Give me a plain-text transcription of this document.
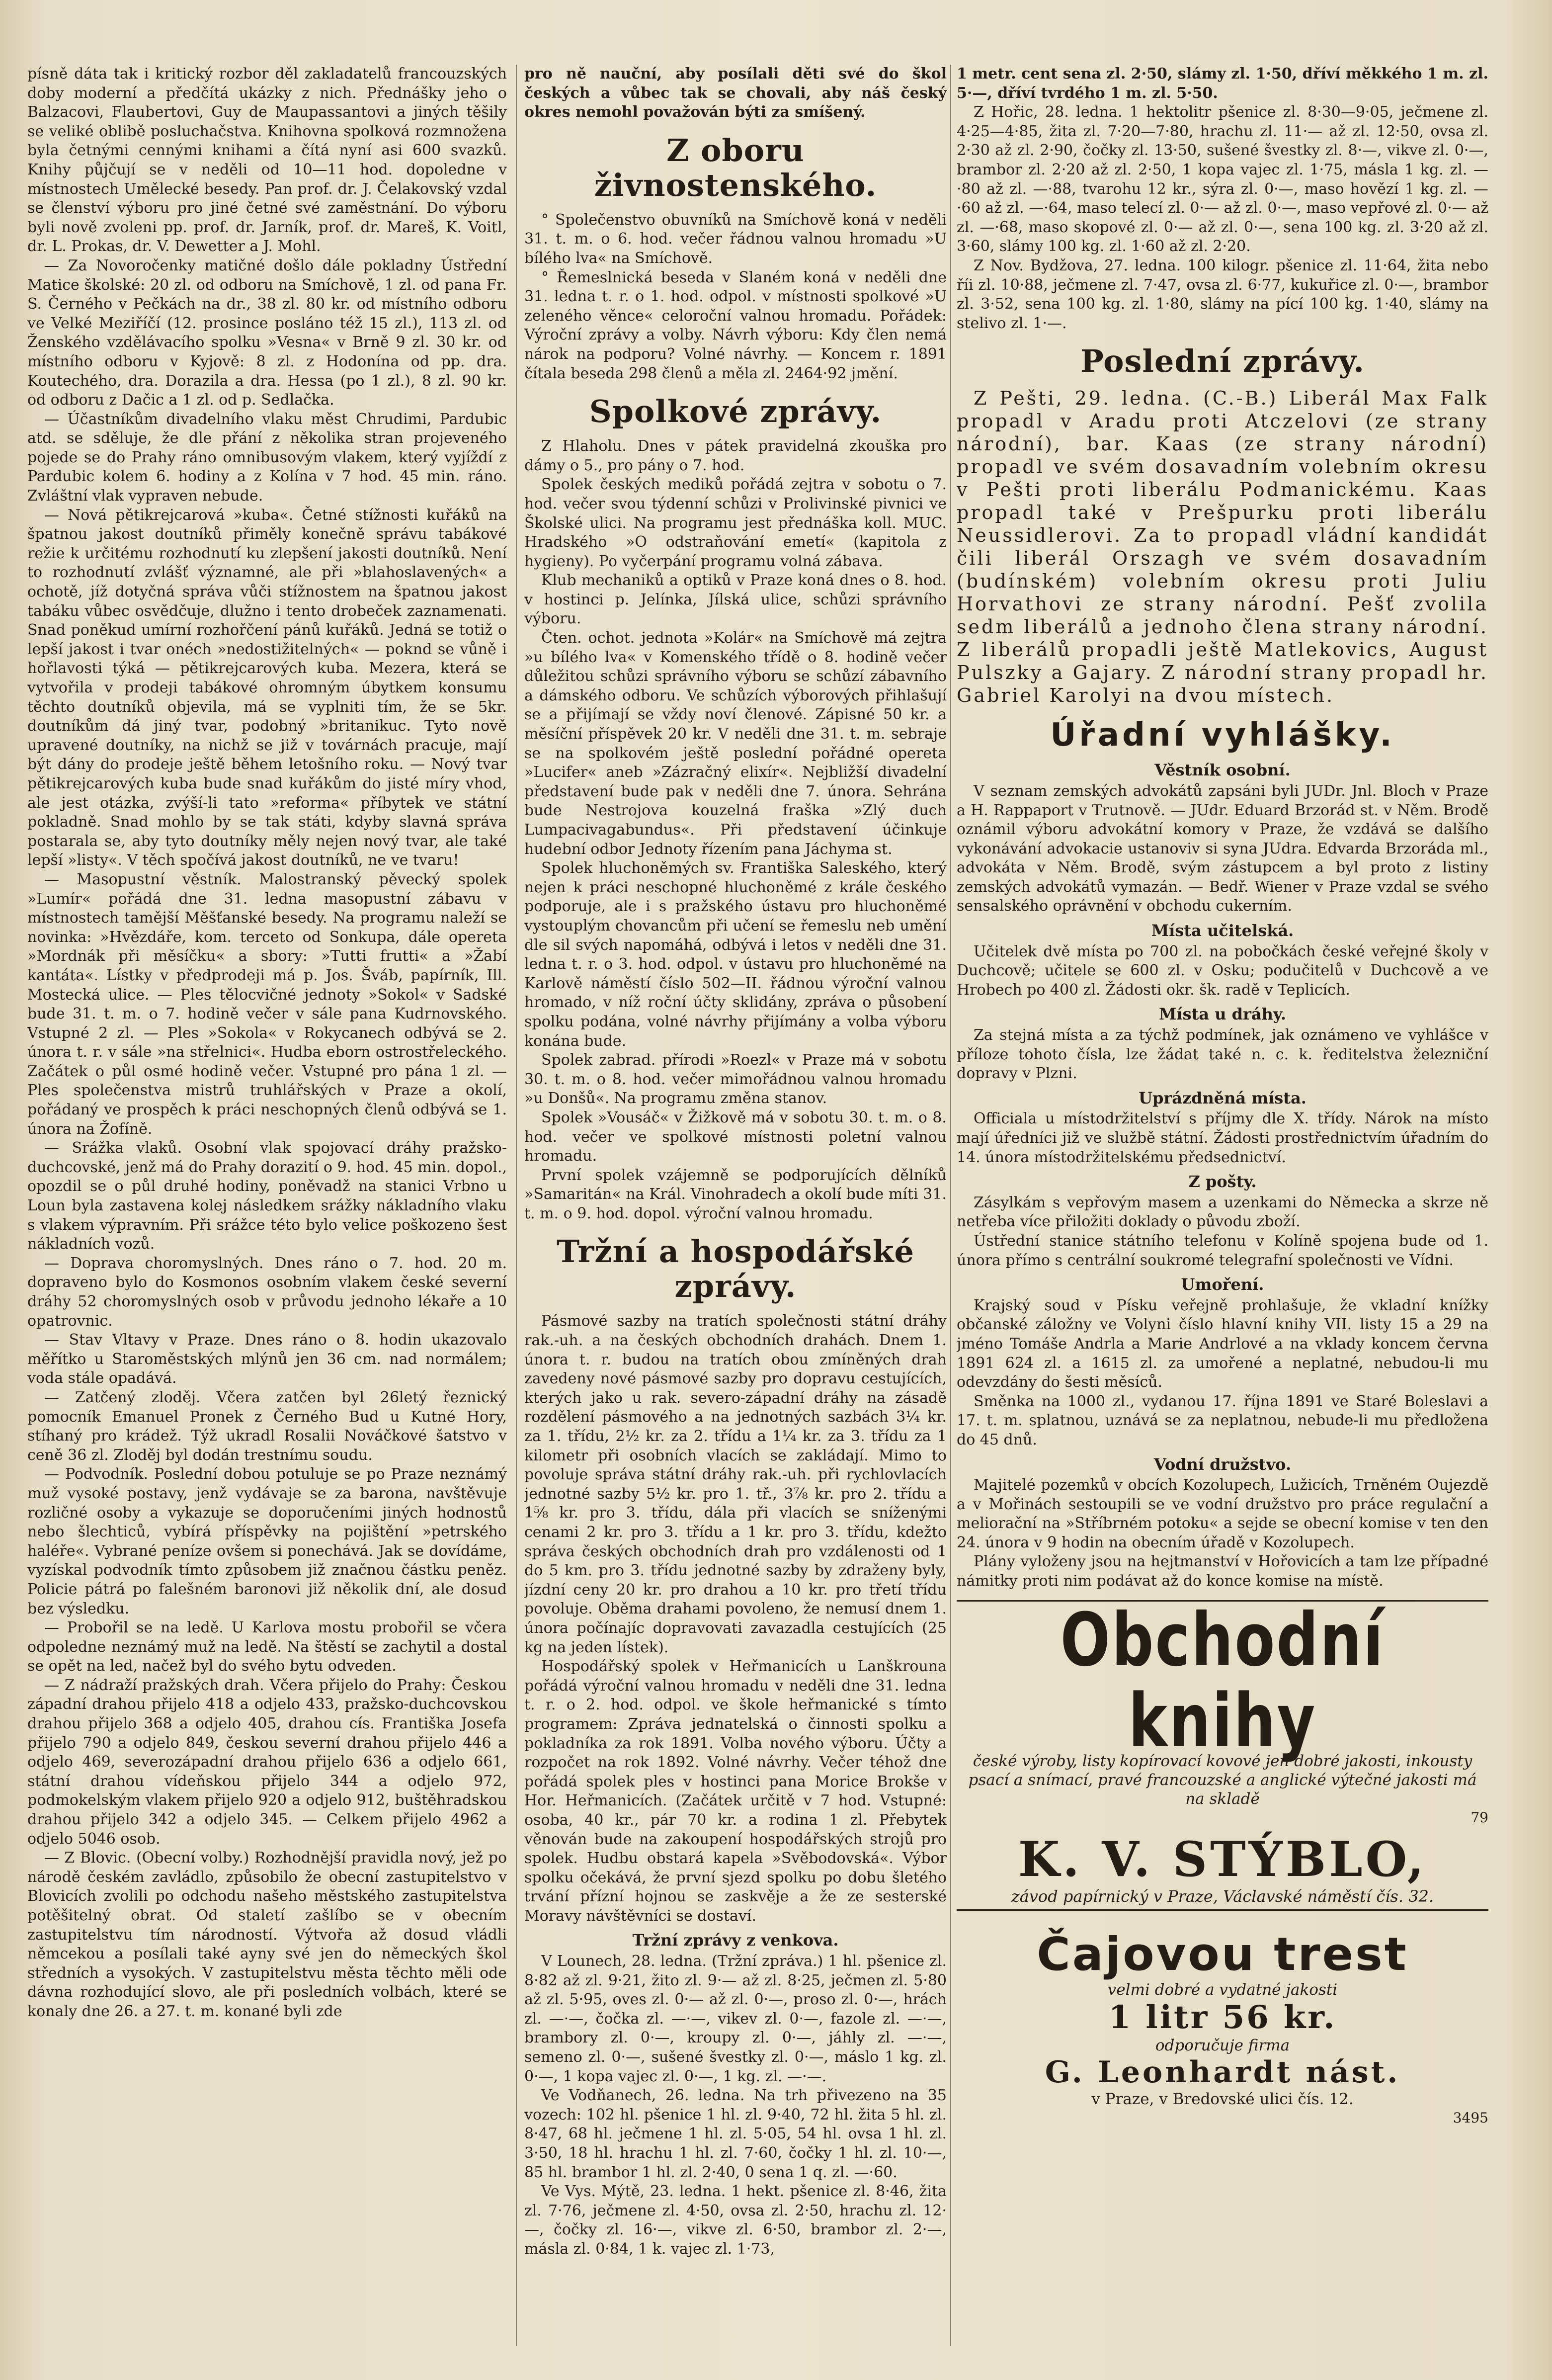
písně dáta tak i kritický rozbor děl zakladatelů francouzských doby moderní a předčítá ukázky z nich. Přednášky jeho o Balzacovi, Flaubertovi, Guy de Maupassantovi a jiných těšily se veliké oblibě posluchačstva. Knihovna spolková rozmnožena byla četnými cennými knihami a čítá nyní asi 600 svazků. Knihy půjčují se v neděli od 10—11 hod. dopoledne v místnostech Umělecké besedy. Pan prof. dr. J. Čelakovský vzdal se členství výboru pro jiné četné své zaměstnání. Do výboru byli nově zvoleni pp. prof. dr. Jarník, prof. dr. Mareš, K. Voitl, dr. L. Prokas, dr. V. Dewetter a J. Mohl.

— Za Novoročenky matičné došlo dále pokladny Ústřední Matice školské: 20 zl. od odboru na Smíchově, 1 zl. od pana Fr. S. Černého v Pečkách na dr., 38 zl. 80 kr. od místního odboru ve Velké Meziříčí (12. prosince posláno též 15 zl.), 113 zl. od Ženského vzdělávacího spolku »Vesna« v Brně 9 zl. 30 kr. od místního odboru v Kyjově: 8 zl. z Hodonína od pp. dra. Koutechého, dra. Dorazila a dra. Hessa (po 1 zl.), 8 zl. 90 kr. od odboru z Dačic a 1 zl. od p. Sedlačka.

— Účastníkům divadelního vlaku měst Chrudimi, Pardubic atd. se sděluje, že dle přání z několika stran projeveného pojede se do Prahy ráno omnibusovým vlakem, který vyjíždí z Pardubic kolem 6. hodiny a z Kolína v 7 hod. 45 min. ráno. Zvláštní vlak vypraven nebude.

— Nová pětikrejcarová »kuba«. Četné stížnosti kuřáků na špatnou jakost doutníků přiměly konečně správu tabákové režie k určitému rozhodnutí ku zlepšení jakosti doutníků. Není to rozhodnutí zvlášť významné, ale při »blahoslavených« a ochotě, jíž dotyčná správa vůči stížnostem na špatnou jakost tabáku vůbec osvědčuje, dlužno i tento drobeček zaznamenati. Snad poněkud umírní rozhořčení pánů kuřáků. Jedná se totiž o lepší jakost i tvar onéch »nedostižitelných« — poknd se vůně i hořlavosti týká — pětikrejcarových kuba. Mezera, která se vytvořila v prodeji tabákové ohromným úbytkem konsumu těchto doutníků objevila, má se vyplniti tím, že se 5kr. doutníkům dá jiný tvar, podobný »britanikuc. Tyto nově upravené doutníky, na nichž se již v továrnách pracuje, mají být dány do prodeje ještě během letošního roku. — Nový tvar pětikrejcarových kuba bude snad kuřákům do jisté míry vhod, ale jest otázka, zvýší-li tato »reforma« příbytek ve státní pokladně. Snad mohlo by se tak státi, kdyby slavná správa postarala se, aby tyto doutníky měly nejen nový tvar, ale také lepší »listy«. V těch spočívá jakost doutníků, ne ve tvaru!

— Masopustní věstník. Malostranský pěvecký spolek »Lumír« pořádá dne 31. ledna masopustní zábavu v místnostech tamější Měšťanské besedy. Na programu naleží se novinka: »Hvězdáře, kom. terceto od Sonkupa, dále opereta »Mordnák při měsíčku« a sbory: »Tutti frutti« a »Žabí kantáta«. Lístky v předprodeji má p. Jos. Šváb, papírník, Ill. Mostecká ulice. — Ples tělocvičné jednoty »Sokol« v Sadské bude 31. t. m. o 7. hodině večer v sále pana Kudrnovského. Vstupné 2 zl. — Ples »Sokola« v Rokycanech odbývá se 2. února t. r. v sále »na střelnici«. Hudba eborn ostrostřeleckého. Začátek o půl osmé hodině večer. Vstupné pro pána 1 zl. — Ples společenstva mistrů truhlářských v Praze a okolí, pořádaný ve prospěch k práci neschopných členů odbývá se 1. února na Žofíně.

— Srážka vlaků. Osobní vlak spojovací dráhy pražsko-duchcovské, jenž má do Prahy dorazití o 9. hod. 45 min. dopol., opozdil se o půl druhé hodiny, poněvadž na stanici Vrbno u Loun byla zastavena kolej následkem srážky nákladního vlaku s vlakem výpravním. Při srážce této bylo velice poškozeno šest nákladních vozů.

— Doprava choromyslných. Dnes ráno o 7. hod. 20 m. dopraveno bylo do Kosmonos osobním vlakem české severní dráhy 52 choromyslných osob v průvodu jednoho lékaře a 10 opatrovnic.

— Stav Vltavy v Praze. Dnes ráno o 8. hodin ukazovalo měřítko u Staroměstských mlýnů jen 36 cm. nad normálem; voda stále opadává.

— Zatčený zloděj. Včera zatčen byl 26letý řeznický pomocník Emanuel Pronek z Černého Bud u Kutné Hory, stíhaný pro krádež. Týž ukradl Rosalii Nováčkové šatstvo v ceně 36 zl. Zloděj byl dodán trestnímu soudu.

— Podvodník. Poslední dobou potuluje se po Praze neznámý muž vysoké postavy, jenž vydávaje se za barona, navštěvuje rozličné osoby a vykazuje se doporučeními jiných hodnostů nebo šlechticů, vybírá příspěvky na pojištění »petrského haléře«. Vybrané peníze ovšem si ponechává. Jak se dovídáme, vyzískal podvodník tímto způsobem již značnou částku peněz. Policie pátrá po falešném baronovi již několik dní, ale dosud bez výsledku.

— Probořil se na ledě. U Karlova mostu probořil se včera odpoledne neznámý muž na ledě. Na štěstí se zachytil a dostal se opět na led, načež byl do svého bytu odveden.

— Z nádraží pražských drah. Včera přijelo do Prahy: Českou západní drahou přijelo 418 a odjelo 433, pražsko-duchcovskou drahou přijelo 368 a odjelo 405, drahou cís. Františka Josefa přijelo 790 a odjelo 849, českou severní drahou přijelo 446 a odjelo 469, severozápadní drahou přijelo 636 a odjelo 661, státní drahou vídeňskou přijelo 344 a odjelo 972, podmokelským vlakem přijelo 920 a odjelo 912, buštěhradskou drahou přijelo 342 a odjelo 345. — Celkem přijelo 4962 a odjelo 5046 osob.

— Z Blovic. (Obecní volby.) Rozhodnější pravidla nový, jež po národě českém zavládlo, způsobilo že obecní zastupitelstvo v Blovicích zvolili po odchodu našeho městského zastupitelstva potěšitelný obrat. Od staletí zašlíbo se v obecním zastupitelstvu tím národností. Výtvořa až dosud vládli němcekou a posílali také ayny své jen do německých škol středních a vysokých. V zastupitelstvu města těchto měli ode dávna rozhodující slovo, ale při posledních volbách, které se konaly dne 26. a 27. t. m. konané byli zde

pro ně nauční, aby posílali děti své do škol českých a vůbec tak se chovali, aby náš český okres nemohl považován býti za smíšený.

Z oboru živnostenského.

° Společenstvo obuvníků na Smíchově koná v neděli 31. t. m. o 6. hod. večer řádnou valnou hromadu »U bílého lva« na Smíchově.

° Řemeslnická beseda v Slaném koná v neděli dne 31. ledna t. r. o 1. hod. odpol. v místnosti spolkové »U zeleného věnce« celoroční valnou hromadu. Pořádek: Výroční zprávy a volby. Návrh výboru: Kdy člen nemá nárok na podporu? Volné návrhy. — Koncem r. 1891 čítala beseda 298 členů a měla zl. 2464·92 jmění.

Spolkové zprávy.

Z Hlaholu. Dnes v pátek pravidelná zkouška pro dámy o 5., pro pány o 7. hod.

Spolek českých mediků pořádá zejtra v sobotu o 7. hod. večer svou týdenní schůzi v Prolivinské pivnici ve Školské ulici. Na programu jest přednáška koll. MUC. Hradského »O odstraňování emetí« (kapitola z hygieny). Po vyčerpání programu volná zábava.

Klub mechaniků a optiků v Praze koná dnes o 8. hod. v hostinci p. Jelínka, Jílská ulice, schůzi správního výboru.

Čten. ochot. jednota »Kolár« na Smíchově má zejtra »u bílého lva« v Komenského třídě o 8. hodině večer důležitou schůzi správního výboru se schůzí zábavního a dámského odboru. Ve schůzích výborových přihlašují se a přijímají se vždy noví členové. Zápisné 50 kr. a měsíční příspěvek 20 kr. V neděli dne 31. t. m. sebraje se na spolkovém ještě poslední pořádné opereta »Lucifer« aneb »Zázračný elixír«. Nejbližší divadelní představení bude pak v neděli dne 7. února. Sehrána bude Nestrojova kouzelná fraška »Zlý duch Lumpacivagabundus«. Při představení účinkuje hudební odbor Jednoty řízením pana Jáchyma st.

Spolek hluchoněmých sv. Františka Saleského, který nejen k práci neschopné hluchoněmé z krále českého podporuje, ale i s pražského ústavu pro hluchoněmé vystouplým chovancům při učení se řemeslu neb umění dle sil svých napomáhá, odbývá i letos v neděli dne 31. ledna t. r. o 3. hod. odpol. v ústavu pro hluchoněmé na Karlově náměstí číslo 502—II. řádnou výroční valnou hromado, v níž roční účty sklidány, zpráva o působení spolku podána, volné návrhy přijímány a volba výboru konána bude.

Spolek zabrad. přírodi »Roezl« v Praze má v sobotu 30. t. m. o 8. hod. večer mimořádnou valnou hromadu »u Donšů«. Na programu změna stanov.

Spolek »Vousáč« v Žižkově má v sobotu 30. t. m. o 8. hod. večer ve spolkové místnosti poletní valnou hromadu.

První spolek vzájemně se podporujících dělníků »Samaritán« na Král. Vinohradech a okolí bude míti 31. t. m. o 9. hod. dopol. výroční valnou hromadu.

Tržní a hospodářské zprávy.

Pásmové sazby na tratích společnosti státní dráhy rak.-uh. a na českých obchodních drahách. Dnem 1. února t. r. budou na tratích obou zmíněných drah zavedeny nové pásmové sazby pro dopravu cestujících, kterých jako u rak. severo-západní dráhy na zásadě rozdělení pásmového a na jednotných sazbách 3¼ kr. za 1. třídu, 2½ kr. za 2. třídu a 1¼ kr. za 3. třídu za 1 kilometr při osobních vlacích se zakládají. Mimo to povoluje správa státní dráhy rak.-uh. při rychlovlacích jednotné sazby 5½ kr. pro 1. tř., 3⅞ kr. pro 2. třídu a 1⅝ kr. pro 3. třídu, dála při vlacích se sníženými cenami 2 kr. pro 3. třídu a 1 kr. pro 3. třídu, kdežto správa českých obchodních drah pro vzdálenosti od 1 do 5 km. pro 3. třídu jednotné sazby by zdraženy byly, jízdní ceny 20 kr. pro drahou a 10 kr. pro třetí třídu povoluje. Oběma drahami povoleno, že nemusí dnem 1. února počínajíc dopravovati zavazadla cestujících (25 kg na jeden lístek).

Hospodářský spolek v Heřmanicích u Lanškrouna pořádá výroční valnou hromadu v neděli dne 31. ledna t. r. o 2. hod. odpol. ve škole heřmanické s tímto programem: Zpráva jednatelská o činnosti spolku a pokladníka za rok 1891. Volba nového výboru. Účty a rozpočet na rok 1892. Volné návrhy. Večer téhož dne pořádá spolek ples v hostinci pana Morice Brokše v Hor. Heřmanicích. (Začátek určitě v 7 hod. Vstupné: osoba, 40 kr., pár 70 kr. a rodina 1 zl. Přebytek věnován bude na zakoupení hospodářských strojů pro spolek. Hudbu obstará kapela »Svěbodovská«. Výbor spolku očekává, že první sjezd spolku po dobu šletého trvání přízní hojnou se zaskvěje a že ze sesterské Moravy návštěvníci se dostaví.

Tržní zprávy z venkova.

V Lounech, 28. ledna. (Tržní zpráva.) 1 hl. pšenice zl. 8·82 až zl. 9·21, žito zl. 9·— až zl. 8·25, ječmen zl. 5·80 až zl. 5·95, oves zl. 0·— až zl. 0·—, proso zl. 0·—, hrách zl. —·—, čočka zl. —·—, vikev zl. 0·—, fazole zl. —·—, brambory zl. 0·—, kroupy zl. 0·—, jáhly zl. —·—, semeno zl. 0·—, sušené švestky zl. 0·—, máslo 1 kg. zl. 0·—, 1 kopa vajec zl. 0·—, 1 kg. zl. —·—.

Ve Vodňanech, 26. ledna. Na trh přivezeno na 35 vozech: 102 hl. pšenice 1 hl. zl. 9·40, 72 hl. žita 5 hl. zl. 8·47, 68 hl. ječmene 1 hl. zl. 5·05, 54 hl. ovsa 1 hl. zl. 3·50, 18 hl. hrachu 1 hl. zl. 7·60, čočky 1 hl. zl. 10·—, 85 hl. brambor 1 hl. zl. 2·40, 0 sena 1 q. zl. —·60.

Ve Vys. Mýtě, 23. ledna. 1 hekt. pšenice zl. 8·46, žita zl. 7·76, ječmene zl. 4·50, ovsa zl. 2·50, hrachu zl. 12·—, čočky zl. 16·—, vikve zl. 6·50, brambor zl. 2·—, másla zl. 0·84, 1 k. vajec zl. 1·73,

1 metr. cent sena zl. 2·50, slámy zl. 1·50, dříví měkkého 1 m. zl. 5·—, dříví tvrdého 1 m. zl. 5·50.

Z Hořic, 28. ledna. 1 hektolitr pšenice zl. 8·30—9·05, ječmene zl. 4·25—4·85, žita zl. 7·20—7·80, hrachu zl. 11·— až zl. 12·50, ovsa zl. 2·30 až zl. 2·90, čočky zl. 13·50, sušené švestky zl. 8·—, vikve zl. 0·—, brambor zl. 2·20 až zl. 2·50, 1 kopa vajec zl. 1·75, másla 1 kg. zl. —·80 až zl. —·88, tvarohu 12 kr., sýra zl. 0·—, maso hovězí 1 kg. zl. —·60 až zl. —·64, maso telecí zl. 0·— až zl. 0·—, maso vepřové zl. 0·— až zl. —·68, maso skopové zl. 0·— až zl. 0·—, sena 100 kg. zl. 3·20 až zl. 3·60, slámy 100 kg. zl. 1·60 až zl. 2·20.

Z Nov. Bydžova, 27. ledna. 100 kilogr. pšenice zl. 11·64, žita nebo říi zl. 10·88, ječmene zl. 7·47, ovsa zl. 6·77, kukuřice zl. 0·—, brambor zl. 3·52, sena 100 kg. zl. 1·80, slámy na pící 100 kg. 1·40, slámy na stelivo zl. 1·—.

Poslední zprávy.

Z Pešti, 29. ledna. (C.-B.) Liberál Max Falk propadl v Aradu proti Atczelovi (ze strany národní), bar. Kaas (ze strany národní) propadl ve svém dosavadním volebním okresu v Pešti proti liberálu Podmanickému. Kaas propadl také v Prešpurku proti liberálu Neussidlerovi. Za to propadl vládní kandidát čili liberál Orszagh ve svém dosavadním (budínském) volebním okresu proti Juliu Horvathovi ze strany národní. Pešť zvolila sedm liberálů a jednoho člena strany národní. Z liberálů propadli ještě Matlekovics, August Pulszky a Gajary. Z národní strany propadl hr. Gabriel Karolyi na dvou místech.

Úřadní vyhlášky.
Věstník osobní.

V seznam zemských advokátů zapsáni byli JUDr. Jnl. Bloch v Praze a H. Rappaport v Trutnově. — JUdr. Eduard Brzorád st. v Něm. Brodě oznámil výboru advokátní komory v Praze, že vzdává se dalšího vykonávání advokacie ustanoviv si syna JUdra. Edvarda Brzoráda ml., advokáta v Něm. Brodě, svým zástupcem a byl proto z listiny zemských advokátů vymazán. — Bedř. Wiener v Praze vzdal se svého sensalského oprávnění v obchodu cukerním.

Místa učitelská.

Učitelek dvě místa po 700 zl. na pobočkách české veřejné školy v Duchcově; učitele se 600 zl. v Osku; podučitelů v Duchcově a ve Hrobech po 400 zl. Žádosti okr. šk. radě v Teplicích.

Místa u dráhy.

Za stejná místa a za týchž podmínek, jak oznámeno ve vyhlášce v příloze tohoto čísla, lze žádat také n. c. k. ředitelstva železniční dopravy v Plzni.

Uprázdněná místa.

Officiala u místodržitelství s příjmy dle X. třídy. Nárok na místo mají úředníci již ve službě státní. Žádosti prostřednictvím úřadním do 14. února místodržitelskému předsednictví.

Z pošty.

Zásylkám s vepřovým masem a uzenkami do Německa a skrze ně netřeba více přiložiti doklady o původu zboží.

Ústřední stanice státního telefonu v Kolíně spojena bude od 1. února přímo s centrální soukromé telegrafní společnosti ve Vídni.

Umoření.

Krajský soud v Písku veřejně prohlašuje, že vkladní knížky občanské záložny ve Volyni číslo hlavní knihy VII. listy 15 a 29 na jméno Tomáše Andrla a Marie Andrlové a na vklady koncem června 1891 624 zl. a 1615 zl. za umořené a neplatné, nebudou-li mu odevzdány do šesti měsíců.

Směnka na 1000 zl., vydanou 17. října 1891 ve Staré Boleslavi a 17. t. m. splatnou, uznává se za neplatnou, nebude-li mu předložena do 45 dnů.

Vodní družstvo.

Majitelé pozemků v obcích Kozolupech, Lužicích, Trněném Oujezdě a v Mořinách sestoupili se ve vodní družstvo pro práce regulační a meliorační na »Stříbrném potoku« a sejde se obecní komise v ten den 24. února v 9 hodin na obecním úřadě v Kozolupech.

Plány vyloženy jsou na hejtmanství v Hořovicích a tam lze případné námitky proti nim podávat až do konce komise na místě.

Obchodní knihy
české výroby, listy kopírovací kovové jen dobré jakosti, inkousty psací a snímací, pravé francouzské a anglické výtečné jakosti má na skladě
79
K. V. STÝBLO,
závod papírnický v Praze, Václavské náměstí čís. 32.
Čajovou trest
velmi dobré a vydatné jakosti
1 litr 56 kr.
odporučuje firma
G. Leonhardt nást.
v Praze, v Bredovské ulici čís. 12.
3495
